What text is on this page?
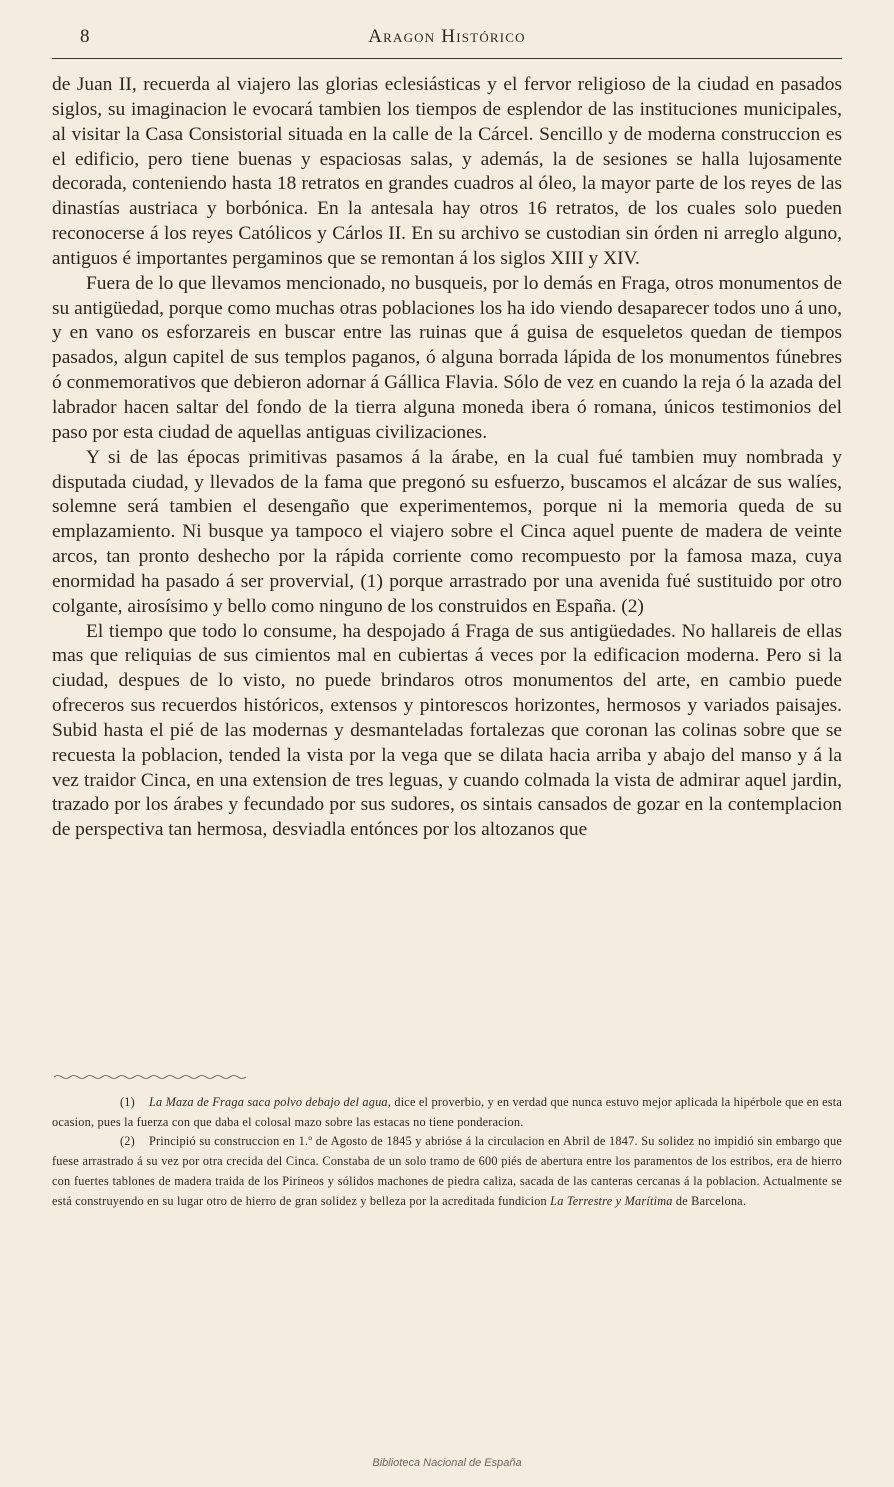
8	Aragon Histórico

de Juan II, recuerda al viajero las glorias eclesiásticas y el fervor religioso de la ciudad en pasados siglos, su imaginacion le evocará tambien los tiempos de esplendor de las instituciones municipales, al visitar la Casa Consistorial situada en la calle de la Cárcel. Sencillo y de moderna construccion es el edificio, pero tiene buenas y espaciosas salas, y además, la de sesiones se halla lujosamente decorada, conteniendo hasta 18 retratos en grandes cuadros al óleo, la mayor parte de los reyes de las dinastías austriaca y borbónica. En la antesala hay otros 16 retratos, de los cuales solo pueden reconocerse á los reyes Católicos y Cárlos II. En su archivo se custodian sin órden ni arreglo alguno, antiguos é importantes pergaminos que se remontan á los siglos XIII y XIV.

Fuera de lo que llevamos mencionado, no busqueis, por lo demás en Fraga, otros monumentos de su antigüedad, porque como muchas otras poblaciones los ha ido viendo desaparecer todos uno á uno, y en vano os esforzareis en buscar entre las ruinas que á guisa de esqueletos quedan de tiempos pasados, algun capitel de sus templos paganos, ó alguna borrada lápida de los monumentos fúnebres ó conmemorativos que debieron adornar á Gállica Flavia. Sólo de vez en cuando la reja ó la azada del labrador hacen saltar del fondo de la tierra alguna moneda ibera ó romana, únicos testimonios del paso por esta ciudad de aquellas antiguas civilizaciones.

Y si de las épocas primitivas pasamos á la árabe, en la cual fué tambien muy nombrada y disputada ciudad, y llevados de la fama que pregonó su esfuerzo, buscamos el alcázar de sus walíes, solemne será tambien el desengaño que experimentemos, porque ni la memoria queda de su emplazamiento. Ni busque ya tampoco el viajero sobre el Cinca aquel puente de madera de veinte arcos, tan pronto deshecho por la rápida corriente como recompuesto por la famosa maza, cuya enormidad ha pasado á ser provervial, (1) porque arrastrado por una avenida fué sustituido por otro colgante, airosísimo y bello como ninguno de los construidos en España. (2)

El tiempo que todo lo consume, ha despojado á Fraga de sus antigüedades. No hallareis de ellas mas que reliquias de sus cimientos mal en cubiertas á veces por la edificacion moderna. Pero si la ciudad, despues de lo visto, no puede brindaros otros monumentos del arte, en cambio puede ofreceros sus recuerdos históricos, extensos y pintorescos horizontes, hermosos y variados paisajes. Subid hasta el pié de las modernas y desmanteladas fortalezas que coronan las colinas sobre que se recuesta la poblacion, tended la vista por la vega que se dilata hacia arriba y abajo del manso y á la vez traidor Cinca, en una extension de tres leguas, y cuando colmada la vista de admirar aquel jardin, trazado por los árabes y fecundado por sus sudores, os sintais cansados de gozar en la contemplacion de perspectiva tan hermosa, desviadla entónces por los altozanos que

(1) La Maza de Fraga saca polvo debajo del agua, dice el proverbio, y en verdad que nunca estuvo mejor aplicada la hipérbole que en esta ocasion, pues la fuerza con que daba el colosal mazo sobre las estacas no tiene ponderacion.

(2) Principió su construccion en 1.º de Agosto de 1845 y abrióse á la circulacion en Abril de 1847. Su solidez no impidió sin embargo que fuese arrastrado á su vez por otra crecida del Cinca. Constaba de un solo tramo de 600 piés de abertura entre los paramentos de los estribos, era de hierro con fuertes tablones de madera traida de los Pirineos y sólidos machones de piedra caliza, sacada de las canteras cercanas á la poblacion. Actualmente se está construyendo en su lugar otro de hierro de gran solidez y belleza por la acreditada fundicion La Terrestre y Marítima de Barcelona.

Biblioteca Nacional de España
